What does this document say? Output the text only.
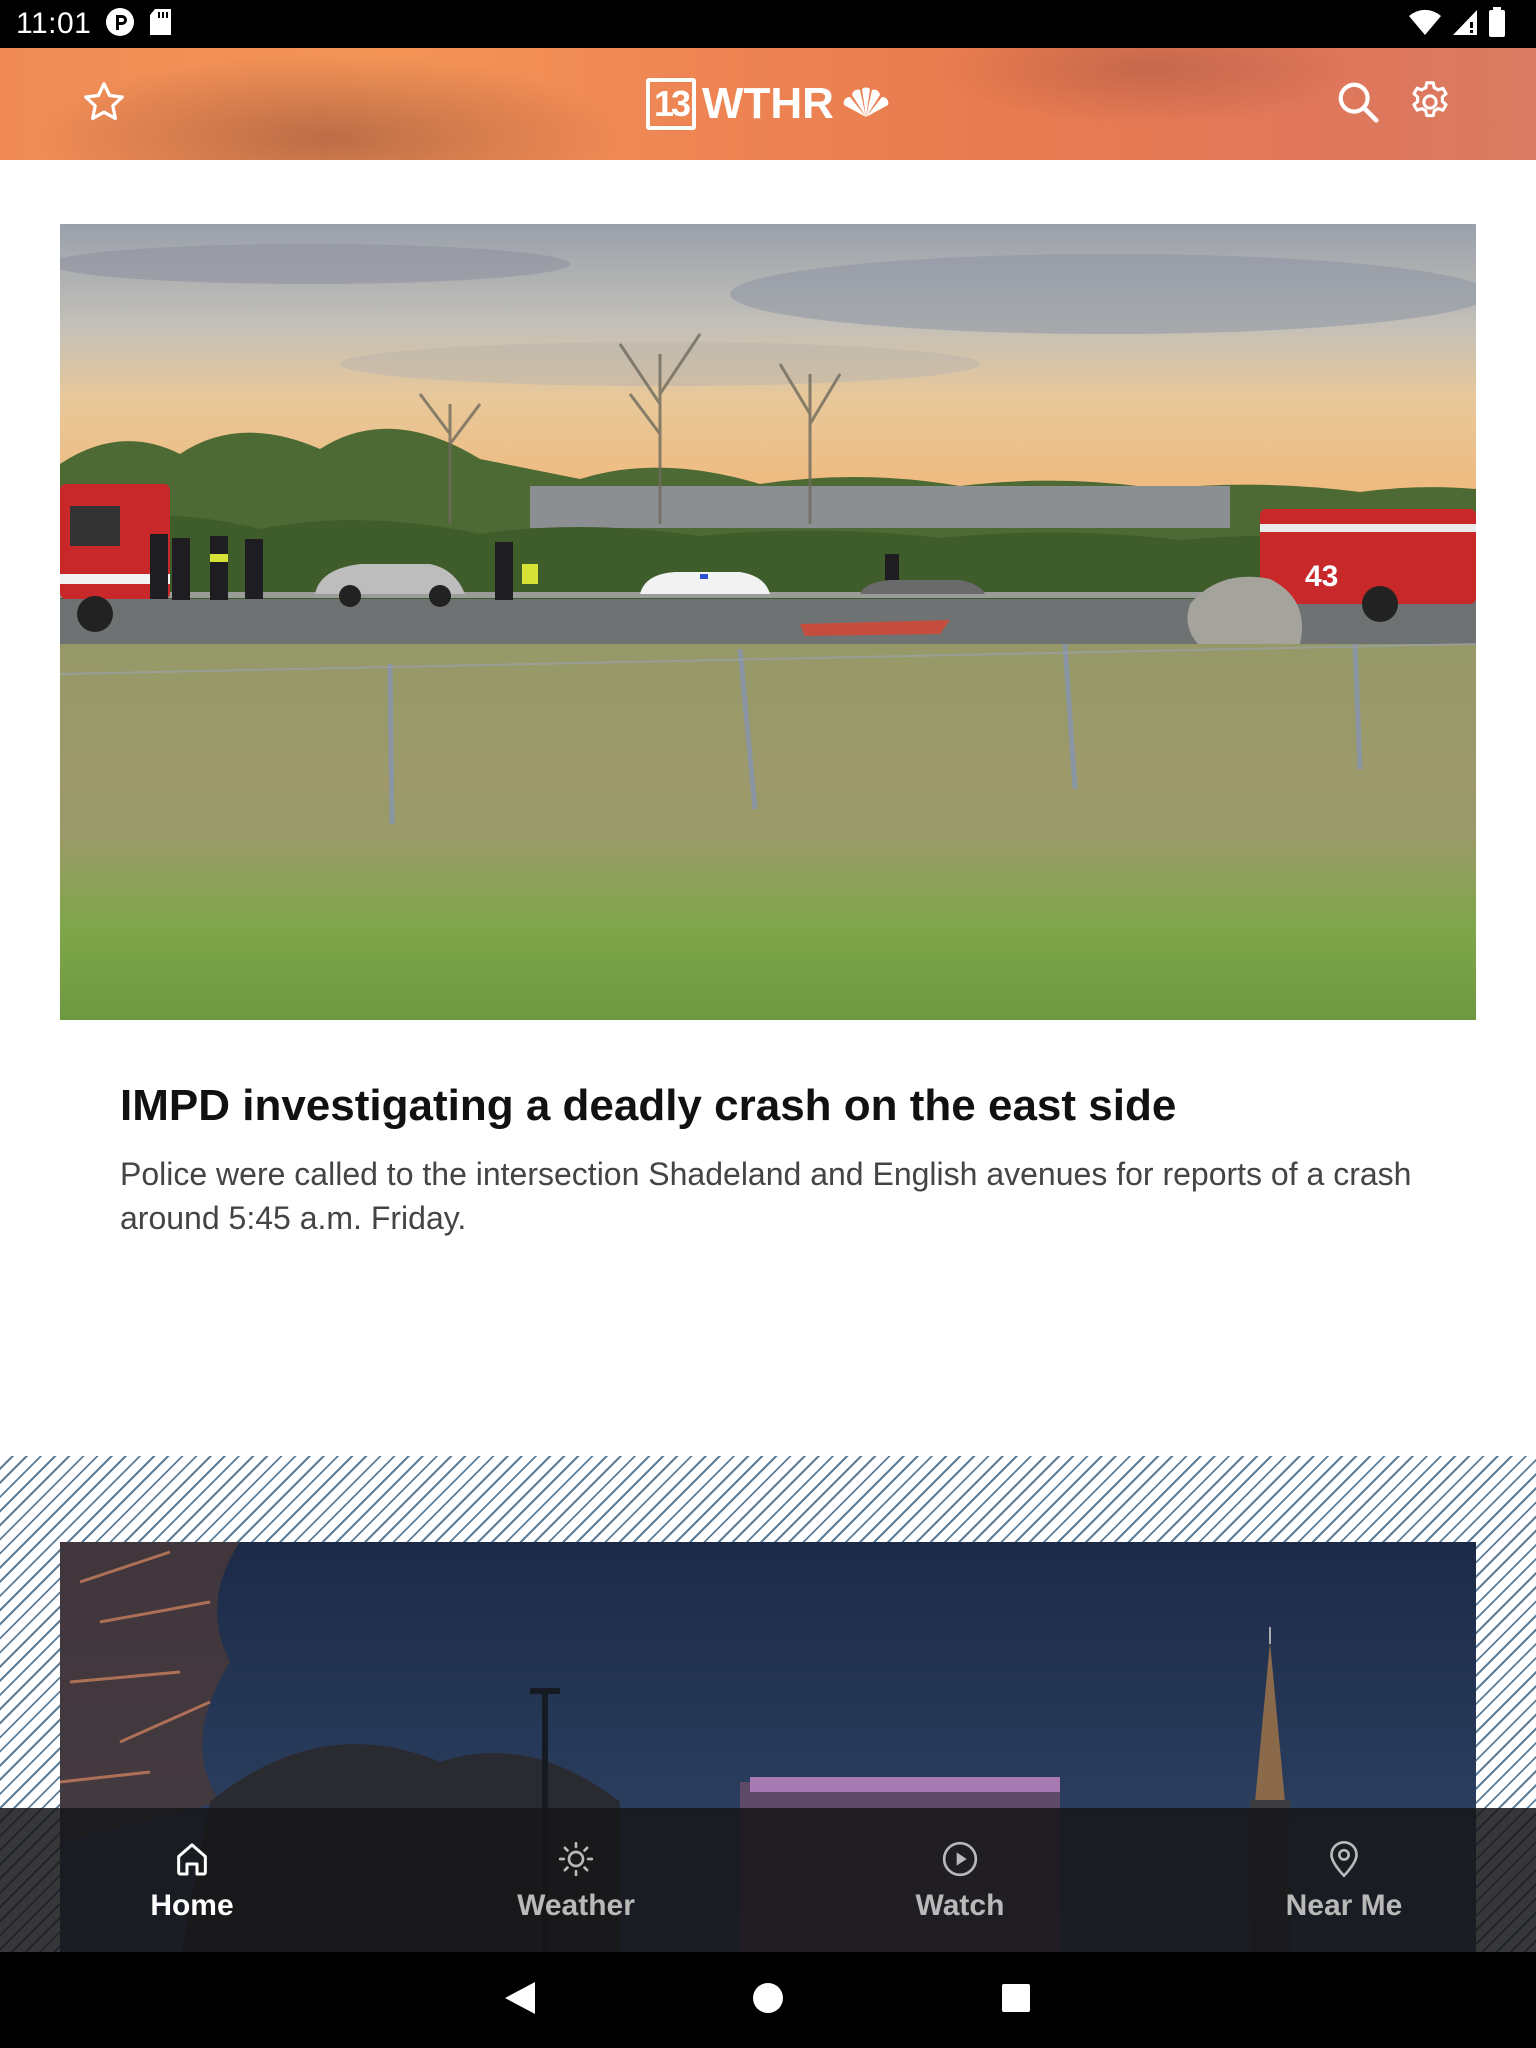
11:01
13 WTHR
43
IMPD investigating a deadly crash on the east side
Police were called to the intersection Shadeland and English avenues for reports of a crash around 5:45 a.m. Friday.
Home	Weather	Watch	Near Me
